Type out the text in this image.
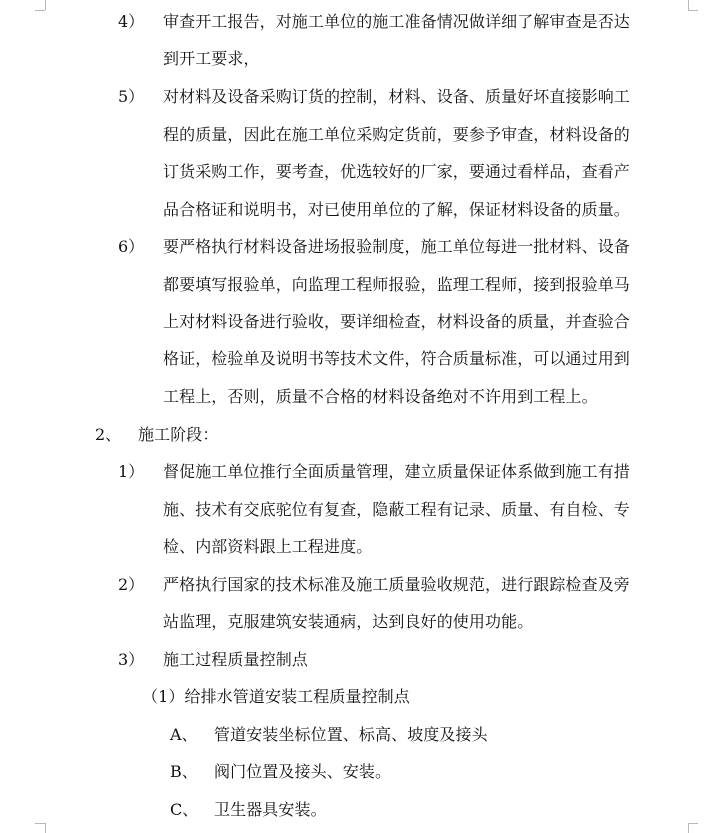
4） 审查开工报告，对施工单位的施工准备情况做详细了解审查是否达
到开工要求，
5） 对材料及设备采购订货的控制，材料、设备、质量好坏直接影响工
程的质量，因此在施工单位采购定货前，要参予审查，材料设备的
订货采购工作，要考查，优选较好的厂家，要通过看样品，查看产
品合格证和说明书，对已使用单位的了解，保证材料设备的质量。
6） 要严格执行材料设备进场报验制度，施工单位每进一批材料、设备
都要填写报验单，向监理工程师报验，监理工程师，接到报验单马
上对材料设备进行验收，要详细检查，材料设备的质量，并查验合
格证，检验单及说明书等技术文件，符合质量标准，可以通过用到
工程上，否则，质量不合格的材料设备绝对不许用到工程上。
2、 施工阶段：
1） 督促施工单位推行全面质量管理，建立质量保证体系做到施工有措
施、技术有交底驼位有复查，隐蔽工程有记录、质量、有自检、专
检、内部资料跟上工程进度。
2） 严格执行国家的技术标准及施工质量验收规范，进行跟踪检查及旁
站监理，克服建筑安装通病，达到良好的使用功能。
3） 施工过程质量控制点
（1）给排水管道安装工程质量控制点
A、 管道安装坐标位置、标高、坡度及接头
B、 阀门位置及接头、安装。
C、 卫生器具安装。
